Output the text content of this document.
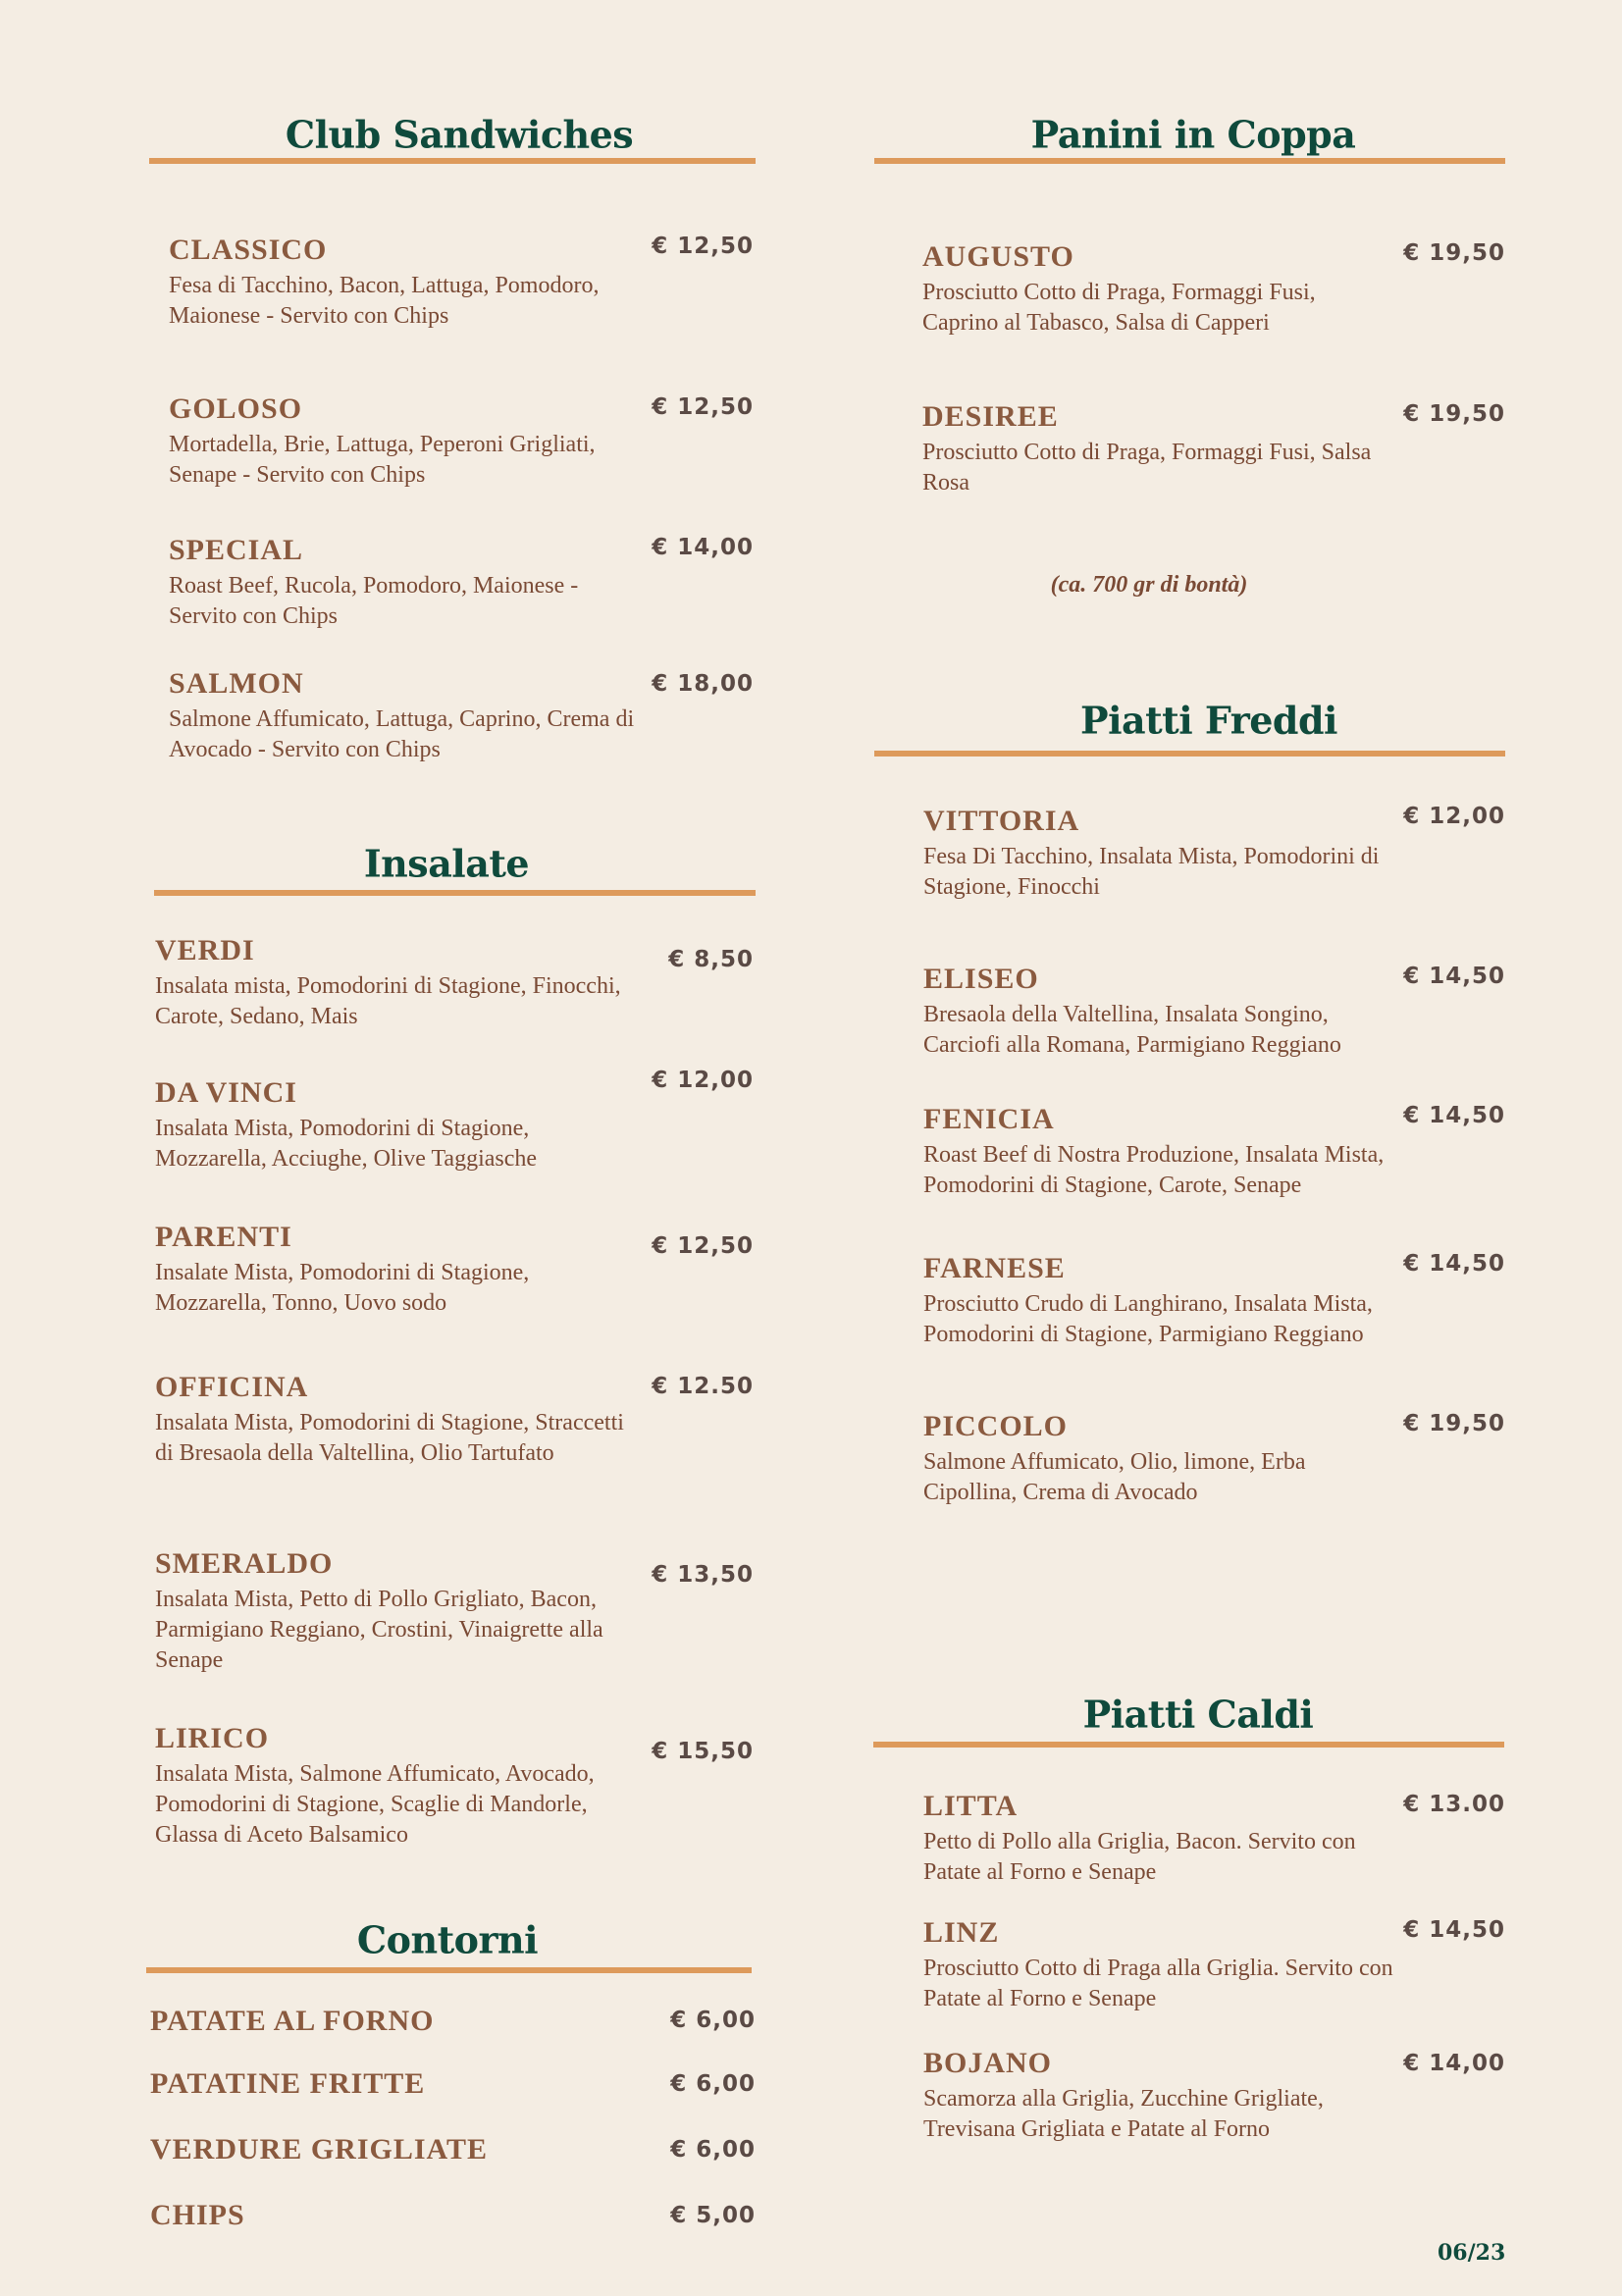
06/23
Club Sandwiches
CLASSICO
Fesa di Tacchino, Bacon, Lattuga, Pomodoro, Maionese - Servito con Chips
€ 12,50
GOLOSO
Mortadella, Brie, Lattuga, Peperoni Grigliati, Senape - Servito con Chips
€ 12,50
SPECIAL
Roast Beef, Rucola, Pomodoro, Maionese - Servito con Chips
€ 14,00
SALMON
Salmone Affumicato, Lattuga, Caprino, Crema di Avocado - Servito con Chips
€ 18,00
Insalate
VERDI
Insalata mista, Pomodorini di Stagione, Finocchi, Carote, Sedano, Mais
€ 8,50
DA VINCI
Insalata Mista, Pomodorini di Stagione, Mozzarella, Acciughe, Olive Taggiasche
€ 12,00
PARENTI
Insalate Mista, Pomodorini di Stagione, Mozzarella, Tonno, Uovo sodo
€ 12,50
OFFICINA
Insalata Mista, Pomodorini di Stagione, Straccetti di Bresaola della Valtellina, Olio Tartufato
€ 12.50
SMERALDO
Insalata Mista, Petto di Pollo Grigliato, Bacon, Parmigiano Reggiano, Crostini, Vinaigrette alla Senape
€ 13,50
LIRICO
Insalata Mista, Salmone Affumicato, Avocado, Pomodorini di Stagione, Scaglie di Mandorle, Glassa di Aceto Balsamico
€ 15,50
Contorni
PATATE AL FORNO	€ 6,00
PATATINE FRITTE	€ 6,00
VERDURE GRIGLIATE	€ 6,00
CHIPS	€ 5,00
Panini in Coppa
(ca. 700 gr di bontà)
AUGUSTO
Prosciutto Cotto di Praga, Formaggi Fusi, Caprino al Tabasco, Salsa di Capperi
€ 19,50
DESIREE
Prosciutto Cotto di Praga, Formaggi Fusi, Salsa Rosa
€ 19,50
Piatti Freddi
VITTORIA
Fesa Di Tacchino, Insalata Mista, Pomodorini di Stagione, Finocchi
€ 12,00
ELISEO
Bresaola della Valtellina, Insalata Songino, Carciofi alla Romana, Parmigiano Reggiano
€ 14,50
FENICIA
Roast Beef di Nostra Produzione, Insalata Mista, Pomodorini di Stagione, Carote, Senape
€ 14,50
FARNESE
Prosciutto Crudo di Langhirano, Insalata Mista, Pomodorini di Stagione, Parmigiano Reggiano
€ 14,50
PICCOLO
Salmone Affumicato, Olio, limone, Erba Cipollina, Crema di Avocado
€ 19,50
Piatti Caldi
LITTA
Petto di Pollo alla Griglia, Bacon. Servito con Patate al Forno e Senape
€ 13.00
LINZ
Prosciutto Cotto di Praga alla Griglia. Servito con Patate al Forno e Senape
€ 14,50
BOJANO
Scamorza alla Griglia, Zucchine Grigliate, Trevisana Grigliata e Patate al Forno
€ 14,00
